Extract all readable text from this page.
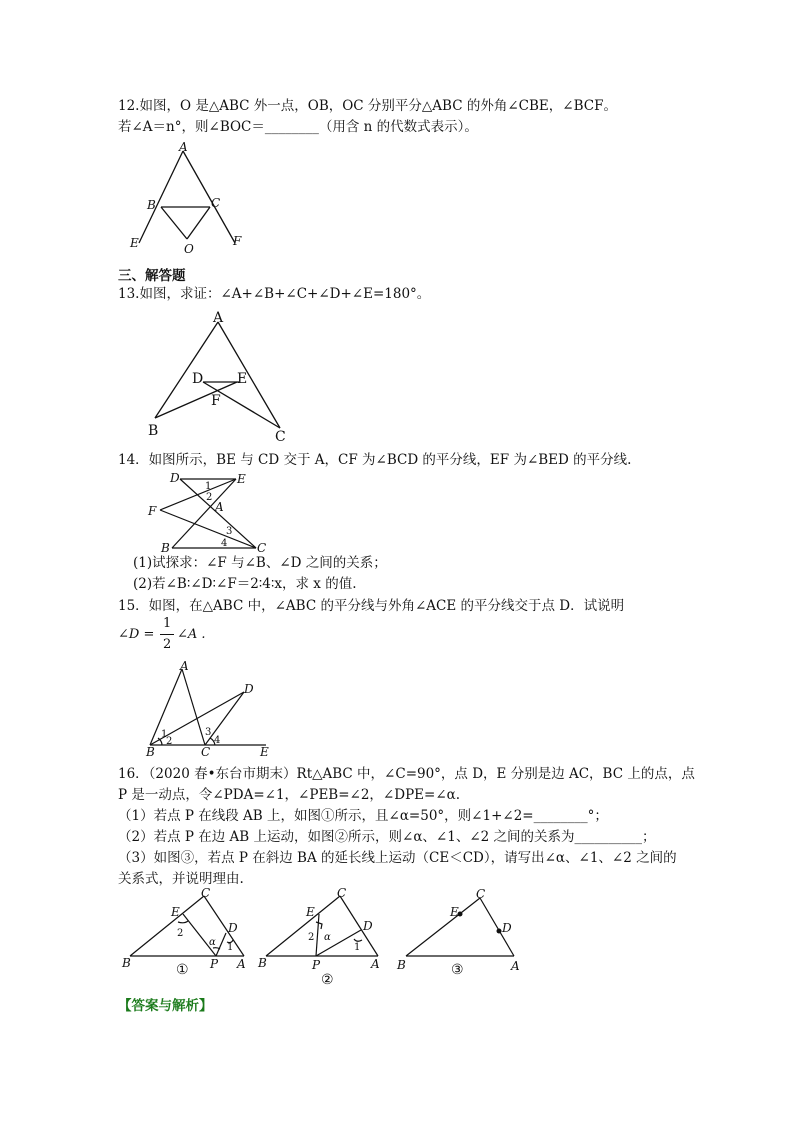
12.如图，O 是△ABC 外一点，OB，OC 分别平分△ABC 的外角∠CBE，∠BCF。
若∠A＝n°，则∠BOC＝________（用含 n 的代数式表示）。
A
B	C
E	O
F
三、解答题
13.如图，求证：∠A+∠B+∠C+∠D+∠E=180°。
A
B	C
D E
F
14．如图所示，BE 与 CD 交于 A，CF 为∠BCD 的平分线，EF 为∠BED 的平分线.
D	E
F	A
B	C
1
2
3
4
(1)试探求：∠F 与∠B、∠D 之间的关系；
(2)若∠B∶∠D∶∠F＝2∶4∶x，求 x 的值.
15．如图，在△ABC 中，∠ABC 的平分线与外角∠ACE 的平分线交于点 D．试说明
∠D =
1
2
∠A .
A
D
B	C	E
1
2
3
4
16．（2020 春•东台市期末）Rt△ABC 中，∠C=90°，点 D，E 分别是边 AC，BC 上的点，点
P 是一动点，令∠PDA=∠1，∠PEB=∠2，∠DPE=∠α.
（1）若点 P 在线段 AB 上，如图①所示，且∠α=50°，则∠1+∠2=________°；
（2）若点 P 在边 AB 上运动，如图②所示，则∠α、∠1、∠2 之间的关系为__________；
（3）如图③，若点 P 在斜边 BA 的延长线上运动（CE＜CD），请写出∠α、∠1、∠2 之间的
关系式，并说明理由.
B
E
C
D
P A
2
α 1
①	B
E
C
D
P	A
2 α
1
②
B
E
C
D
A
③
【答案与解析】
